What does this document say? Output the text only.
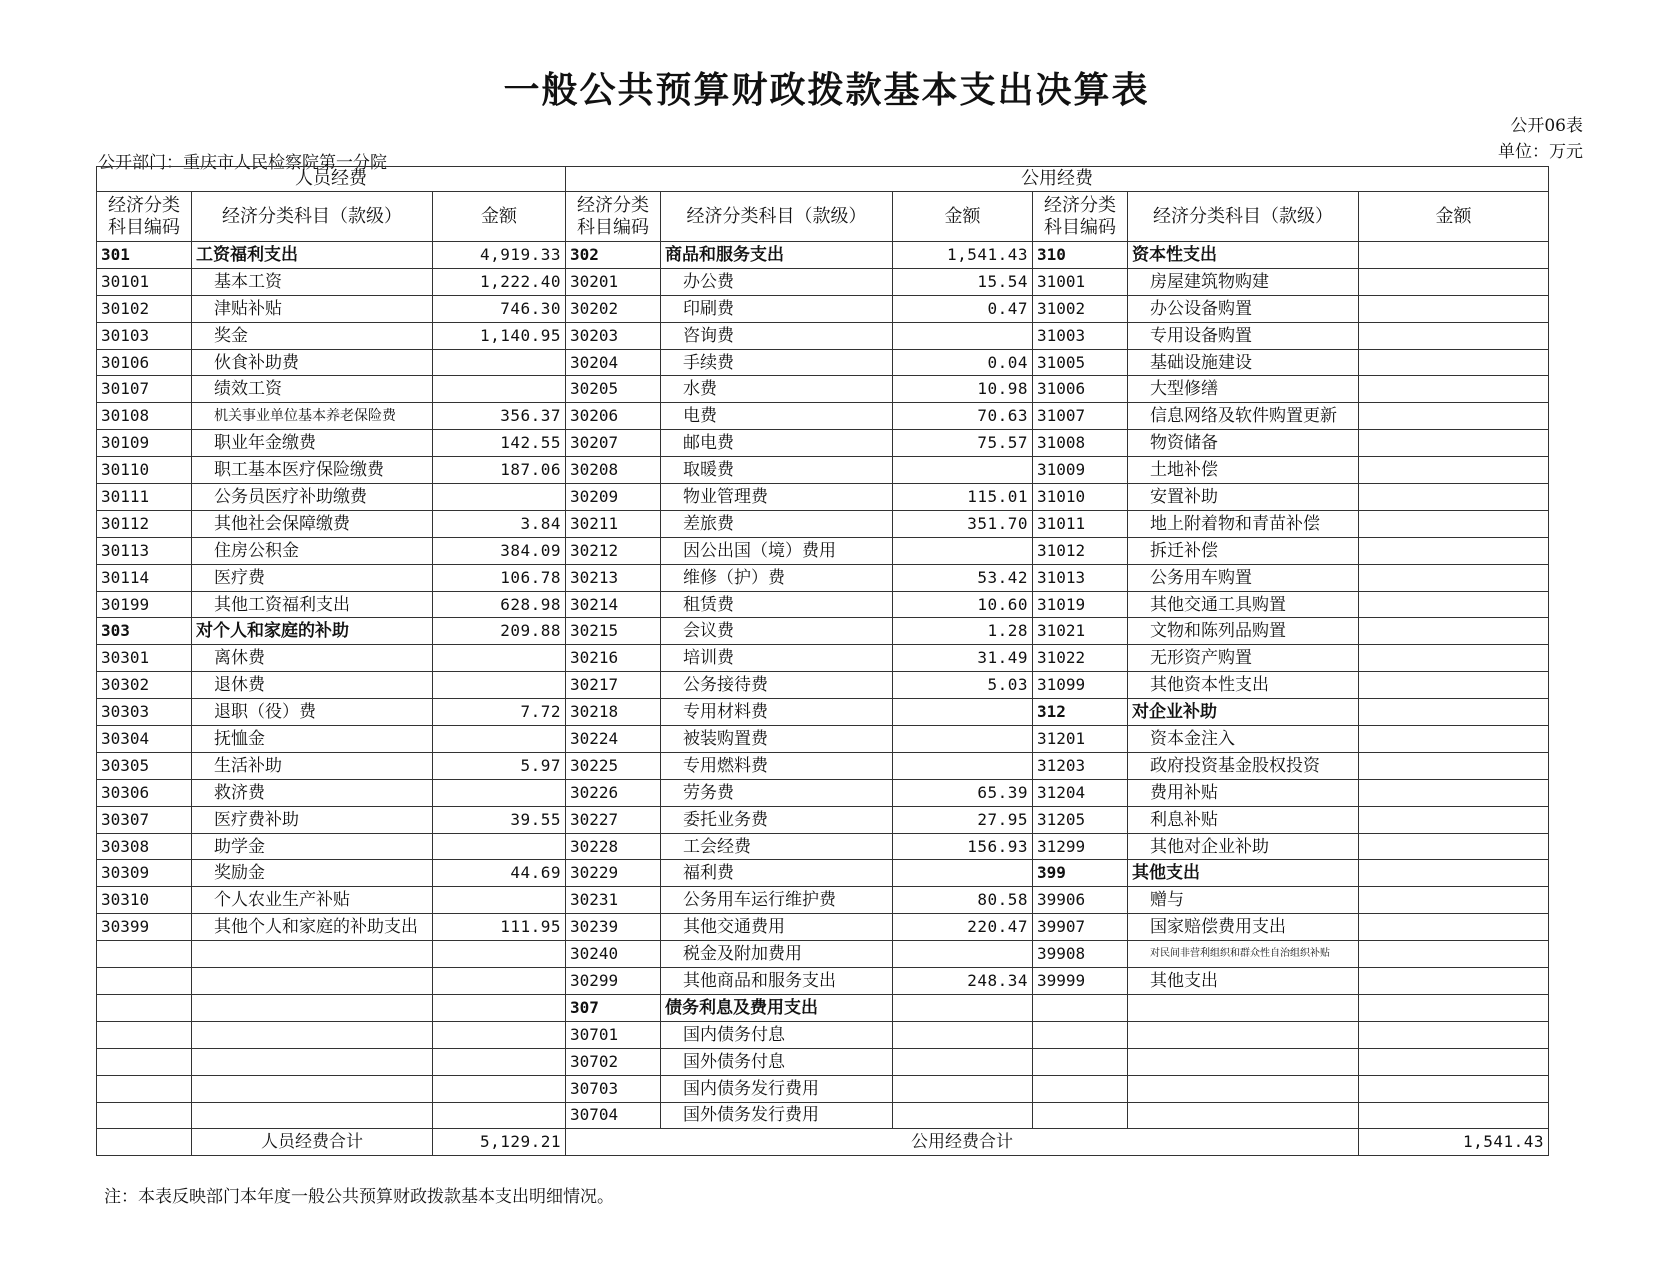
一般公共预算财政拨款基本支出决算表
公开06表
单位：万元
公开部门：重庆市人民检察院第一分院
人员经费			公用经费					
经济分类科目编码	经济分类科目（款级）	金额	经济分类科目编码	经济分类科目（款级）	金额	经济分类科目编码	经济分类科目（款级）	金额
301	工资福利支出	4,919.33	302	商品和服务支出	1,541.43	310	资本性支出	
30101	基本工资	1,222.40	30201	办公费	15.54	31001	房屋建筑物购建	
30102	津贴补贴	746.30	30202	印刷费	0.47	31002	办公设备购置	
30103	奖金	1,140.95	30203	咨询费		31003	专用设备购置	
30106	伙食补助费		30204	手续费	0.04	31005	基础设施建设	
30107	绩效工资		30205	水费	10.98	31006	大型修缮	
30108	机关事业单位基本养老保险费	356.37	30206	电费	70.63	31007	信息网络及软件购置更新	
30109	职业年金缴费	142.55	30207	邮电费	75.57	31008	物资储备	
30110	职工基本医疗保险缴费	187.06	30208	取暖费		31009	土地补偿	
30111	公务员医疗补助缴费		30209	物业管理费	115.01	31010	安置补助	
30112	其他社会保障缴费	3.84	30211	差旅费	351.70	31011	地上附着物和青苗补偿	
30113	住房公积金	384.09	30212	因公出国（境）费用		31012	拆迁补偿	
30114	医疗费	106.78	30213	维修（护）费	53.42	31013	公务用车购置	
30199	其他工资福利支出	628.98	30214	租赁费	10.60	31019	其他交通工具购置	
303	对个人和家庭的补助	209.88	30215	会议费	1.28	31021	文物和陈列品购置	
30301	离休费		30216	培训费	31.49	31022	无形资产购置	
30302	退休费		30217	公务接待费	5.03	31099	其他资本性支出	
30303	退职（役）费	7.72	30218	专用材料费		312	对企业补助	
30304	抚恤金		30224	被装购置费		31201	资本金注入	
30305	生活补助	5.97	30225	专用燃料费		31203	政府投资基金股权投资	
30306	救济费		30226	劳务费	65.39	31204	费用补贴	
30307	医疗费补助	39.55	30227	委托业务费	27.95	31205	利息补贴	
30308	助学金		30228	工会经费	156.93	31299	其他对企业补助	
30309	奖励金	44.69	30229	福利费		399	其他支出	
30310	个人农业生产补贴		30231	公务用车运行维护费	80.58	39906	赠与	
30399	其他个人和家庭的补助支出	111.95	30239	其他交通费用	220.47	39907	国家赔偿费用支出	
			30240	税金及附加费用		39908	对民间非营利组织和群众性自治组织补贴	
			30299	其他商品和服务支出	248.34	39999	其他支出	
			307	债务利息及费用支出				
			30701	国内债务付息				
			30702	国外债务付息				
			30703	国内债务发行费用				
			30704	国外债务发行费用				
	人员经费合计	5,129.21	公用经费合计					1,541.43
注：本表反映部门本年度一般公共预算财政拨款基本支出明细情况。
